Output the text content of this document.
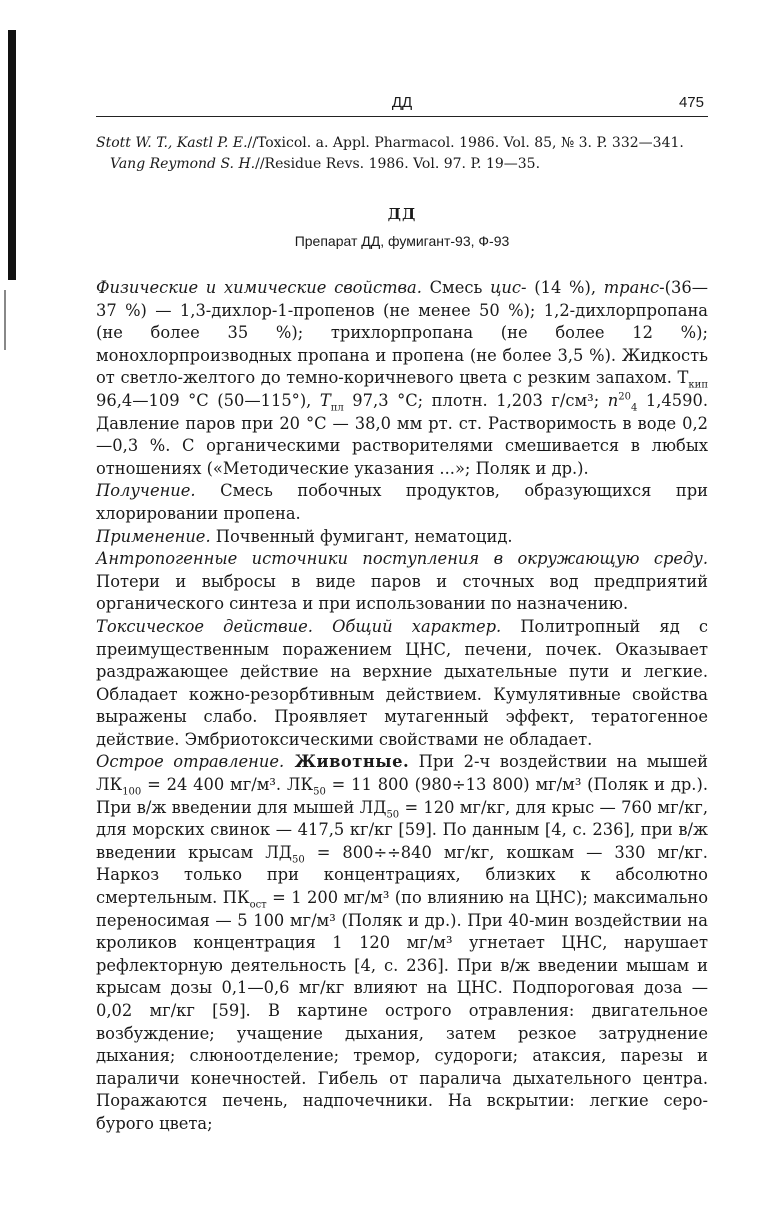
ДД	475
Stott W. T., Kastl P. E.//Toxicol. a. Appl. Pharmacol. 1986. Vol. 85, № 3. P. 332—341.
Vang Reymond S. H.//Residue Revs. 1986. Vol. 97. P. 19—35.
ДД
Препарат ДД, фумигант-93, Ф-93

Физические и химические свойства. Смесь цис- (14 %), транс-(36—37 %) — 1,3-дихлор-1-пропенов (не менее 50 %); 1,2-дихлорпропана (не более 35 %); трихлорпропана (не более 12 %); монохлорпроизводных пропана и пропена (не более 3,5 %). Жидкость от светло-желтого до темно-коричневого цвета с резким запахом. $T_{кип}$ 96,4—109 °C (50—115°), $T_{пл}$ 97,3 °C; плотн. 1,203 г/см³; $n^{20}_4$ 1,4590. Давление паров при 20 °C — 38,0 мм рт. ст. Растворимость в воде 0,2—0,3 %. С органическими растворителями смешивается в любых отношениях («Методические указания ...»; Поляк и др.).

Получение. Смесь побочных продуктов, образующихся при хлорировании пропена.

Применение. Почвенный фумигант, нематоцид.

Антропогенные источники поступления в окружающую среду. Потери и выбросы в виде паров и сточных вод предприятий органического синтеза и при использовании по назначению.

Токсическое действие. Общий характер. Политропный яд с преимущественным поражением ЦНС, печени, почек. Оказывает раздражающее действие на верхние дыхательные пути и легкие. Обладает кожно-резорбтивным действием. Кумулятивные свойства выражены слабо. Проявляет мутагенный эффект, тератогенное действие. Эмбриотоксическими свойствами не обладает.

Острое отравление. Животные. При 2-ч воздействии на мышей $ЛК_{100} = 24$ 400 мг/м³. $ЛК_{50} = 11$ 800 (980÷13 800) мг/м³ (Поляк и др.). При в/ж введении для мышей $ЛД_{50} = 120$ мг/кг, для крыс — 760 мг/кг, для морских свинок — 417,5 кг/кг [59]. По данным [4, с. 236], при в/ж введении крысам $ЛД_{50} = 800\div\div 840$ мг/кг, кошкам — 330 мг/кг. Наркоз только при концентрациях, близких к абсолютно смертельным. $ПК_{ост} = 1$ 200 мг/м³ (по влиянию на ЦНС); максимально переносимая — 5 100 мг/м³ (Поляк и др.). При 40-мин воздействии на кроликов концентрация 1 120 мг/м³ угнетает ЦНС, нарушает рефлекторную деятельность [4, с. 236]. При в/ж введении мышам и крысам дозы 0,1—0,6 мг/кг влияют на ЦНС. Подпороговая доза — 0,02 мг/кг [59]. В картине острого отравления: двигательное возбуждение; учащение дыхания, затем резкое затруднение дыхания; слюноотделение; тремор, судороги; атаксия, парезы и параличи конечностей. Гибель от паралича дыхательного центра. Поражаются печень, надпочечники. На вскрытии: легкие серо-бурого цвета;
